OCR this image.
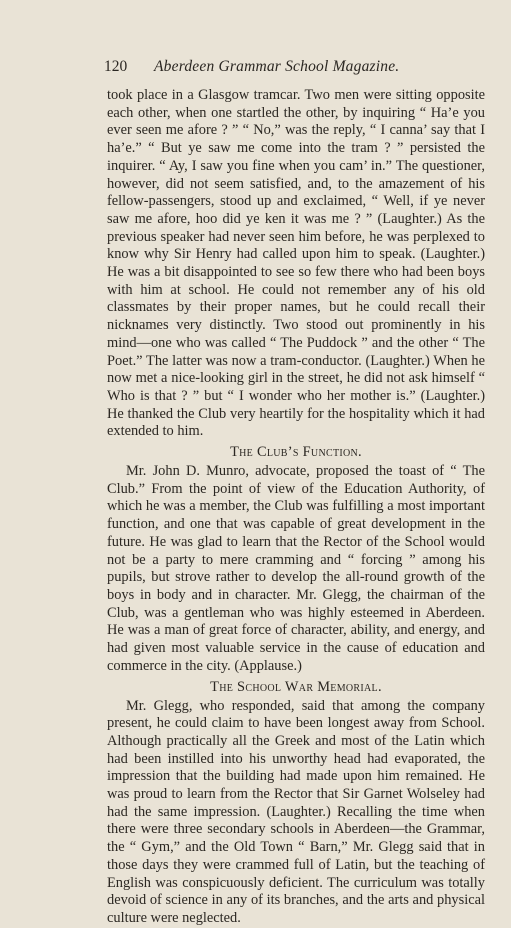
120 Aberdeen Grammar School Magazine.

took place in a Glasgow tramcar. Two men were sitting opposite each other, when one startled the other, by inquiring “ Ha’e you ever seen me afore ? ” “ No,” was the reply, “ I canna’ say that I ha’e.” “ But ye saw me come into the tram ? ” persisted the inquirer. “ Ay, I saw you fine when you cam’ in.” The questioner, however, did not seem satisfied, and, to the amazement of his fellow-passengers, stood up and exclaimed, “ Well, if ye never saw me afore, hoo did ye ken it was me ? ” (Laughter.) As the previous speaker had never seen him before, he was perplexed to know why Sir Henry had called upon him to speak. (Laughter.) He was a bit disappointed to see so few there who had been boys with him at school. He could not remember any of his old classmates by their proper names, but he could recall their nicknames very distinctly. Two stood out prominently in his mind—one who was called “ The Puddock ” and the other “ The Poet.” The latter was now a tram-conductor. (Laughter.) When he now met a nice-looking girl in the street, he did not ask himself “ Who is that ? ” but “ I wonder who her mother is.” (Laughter.) He thanked the Club very heartily for the hospitality which it had extended to him.

The Club’s Function.

Mr. John D. Munro, advocate, proposed the toast of “ The Club.” From the point of view of the Education Authority, of which he was a member, the Club was fulfilling a most important function, and one that was capable of great development in the future. He was glad to learn that the Rector of the School would not be a party to mere cramming and “ forcing ” among his pupils, but strove rather to develop the all-round growth of the boys in body and in character. Mr. Glegg, the chairman of the Club, was a gentleman who was highly esteemed in Aberdeen. He was a man of great force of character, ability, and energy, and had given most valuable service in the cause of education and commerce in the city. (Applause.)

The School War Memorial.

Mr. Glegg, who responded, said that among the company present, he could claim to have been longest away from School. Although practically all the Greek and most of the Latin which had been instilled into his unworthy head had evaporated, the impression that the building had made upon him remained. He was proud to learn from the Rector that Sir Garnet Wolseley had had the same impression. (Laughter.) Recalling the time when there were three secondary schools in Aberdeen—the Grammar, the “ Gym,” and the Old Town “ Barn,” Mr. Glegg said that in those days they were crammed full of Latin, but the teaching of English was conspicuously deficient. The curriculum was totally devoid of science in any of its branches, and the arts and physical culture were neglected.
